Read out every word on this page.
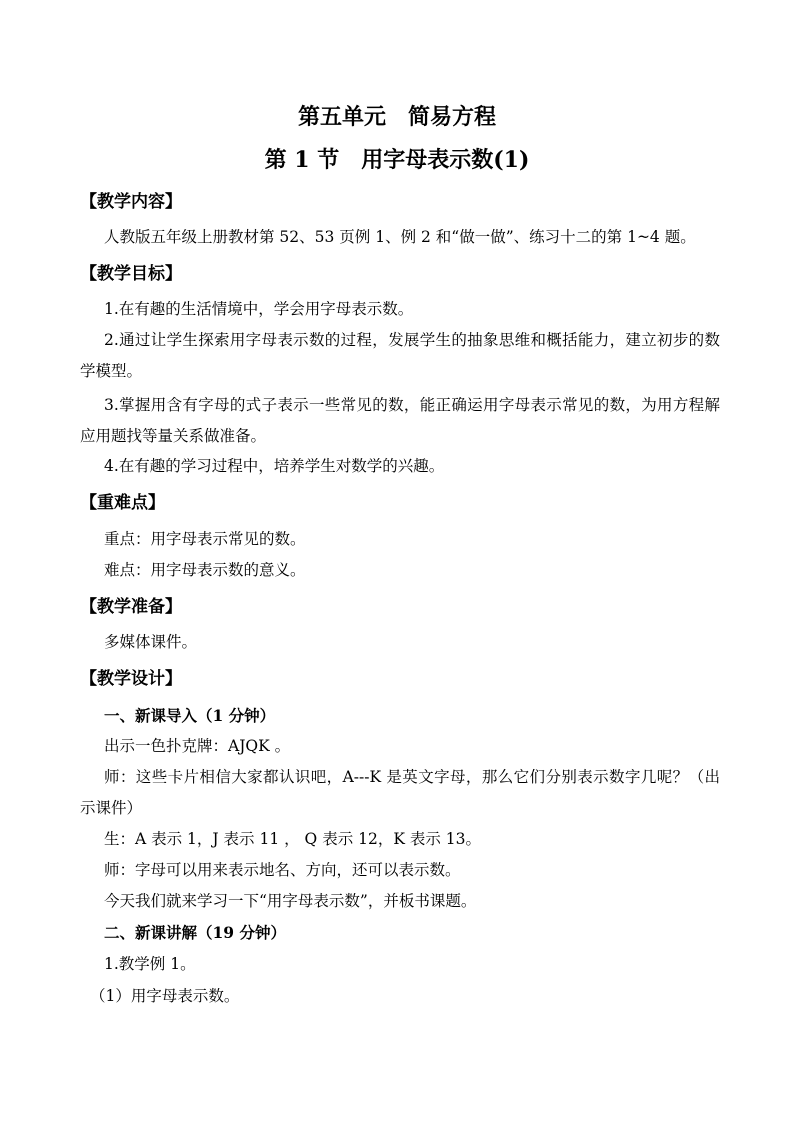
第五单元　简易方程
第 1 节　用字母表示数(1)
【教学内容】
人教版五年级上册教材第 52、53 页例 1、例 2 和“做一做”、练习十二的第 1~4 题。
【教学目标】
1.在有趣的生活情境中，学会用字母表示数。
2.通过让学生探索用字母表示数的过程，发展学生的抽象思维和概括能力，建立初步的数学模型。
3.掌握用含有字母的式子表示一些常见的数，能正确运用字母表示常见的数，为用方程解应用题找等量关系做准备。
4.在有趣的学习过程中，培养学生对数学的兴趣。
【重难点】
重点：用字母表示常见的数。
难点：用字母表示数的意义。
【教学准备】
多媒体课件。
【教学设计】
一、新课导入（1 分钟）
出示一色扑克牌：AJQK 。
师：这些卡片相信大家都认识吧，A---K 是英文字母，那么它们分别表示数字几呢？（出示课件）
生：A 表示 1，J 表示 11 ， Q 表示 12，K 表示 13。
师：字母可以用来表示地名、方向，还可以表示数。
今天我们就来学习一下“用字母表示数”，并板书课题。
二、新课讲解（19 分钟）
1.教学例 1。
（1）用字母表示数。
